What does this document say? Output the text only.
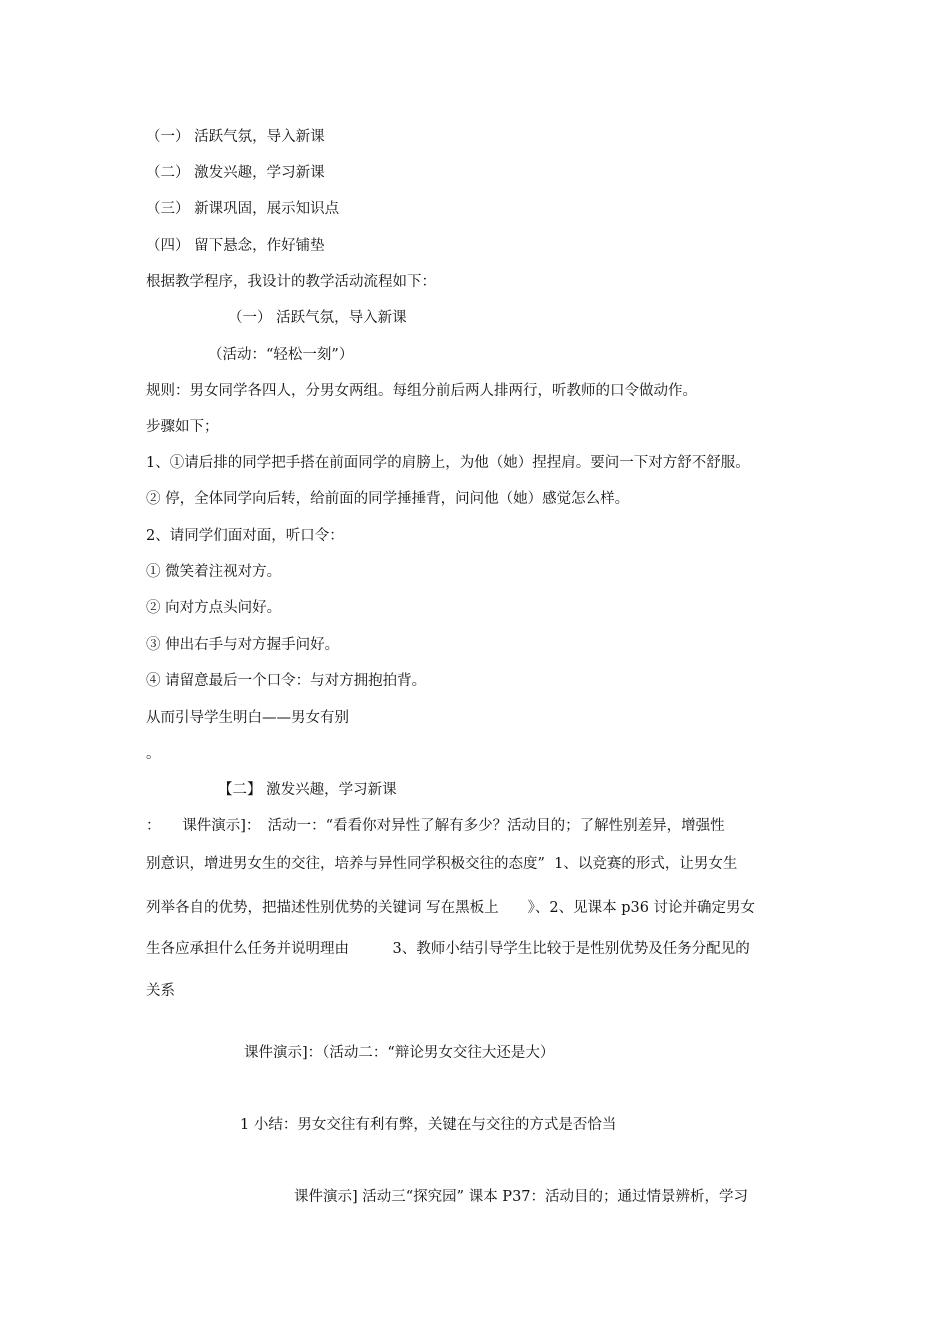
（一） 活跃气氛，导入新课
（二） 激发兴趣，学习新课
（三） 新课巩固，展示知识点
（四） 留下悬念，作好铺垫
根据教学程序，我设计的教学活动流程如下：
（一） 活跃气氛，导入新课
（活动：“轻松一刻”）
规则：男女同学各四人，分男女两组。每组分前后两人排两行，听教师的口令做动作。
步骤如下；
1、①请后排的同学把手搭在前面同学的肩膀上，为他（她）捏捏肩。要问一下对方舒不舒服。
② 停，全体同学向后转，给前面的同学捶捶背，问问他（她）感觉怎么样。
2、请同学们面对面，听口令：
① 微笑着注视对方。
② 向对方点头问好。
③ 伸出右手与对方握手问好。
④ 请留意最后一个口令：与对方拥抱拍背。
从而引导学生明白——男女有别
。
【二】 激发兴趣，学习新课
：　　课件演示]：　活动一：“看看你对异性了解有多少？活动目的；了解性别差异，增强性
别意识，增进男女生的交往，培养与异性同学积极交往的态度”  1、以竞赛的形式，让男女生
列举各自的优势，把描述性别优势的关键词 写在黑板上　　》、2、见课本 p36 讨论并确定男女
生各应承担什么任务并说明理由　　　3、教师小结引导学生比较于是性别优势及任务分配见的
关系
课件演示]：（活动二：“辩论男女交往大还是大）
1 小结：男女交往有利有弊，关键在与交往的方式是否恰当
课件演示] 活动三“探究园” 课本 P37：活动目的；通过情景辨析，学习
